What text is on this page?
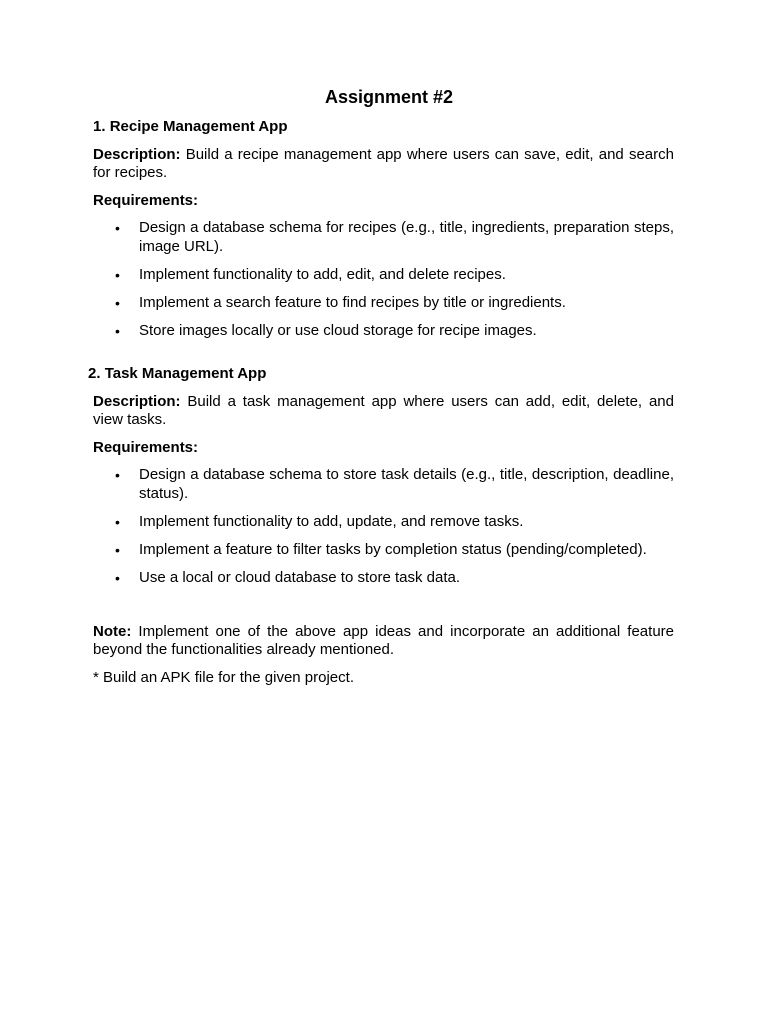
Assignment #2

1. Recipe Management App

Description: Build a recipe management app where users can save, edit, and search for recipes.

Requirements:

• Design a database schema for recipes (e.g., title, ingredients, preparation steps, image URL).
• Implement functionality to add, edit, and delete recipes.
• Implement a search feature to find recipes by title or ingredients.
• Store images locally or use cloud storage for recipe images.

2. Task Management App

Description: Build a task management app where users can add, edit, delete, and view tasks.

Requirements:

• Design a database schema to store task details (e.g., title, description, deadline, status).
• Implement functionality to add, update, and remove tasks.
• Implement a feature to filter tasks by completion status (pending/completed).
• Use a local or cloud database to store task data.

Note: Implement one of the above app ideas and incorporate an additional feature beyond the functionalities already mentioned.

* Build an APK file for the given project.
